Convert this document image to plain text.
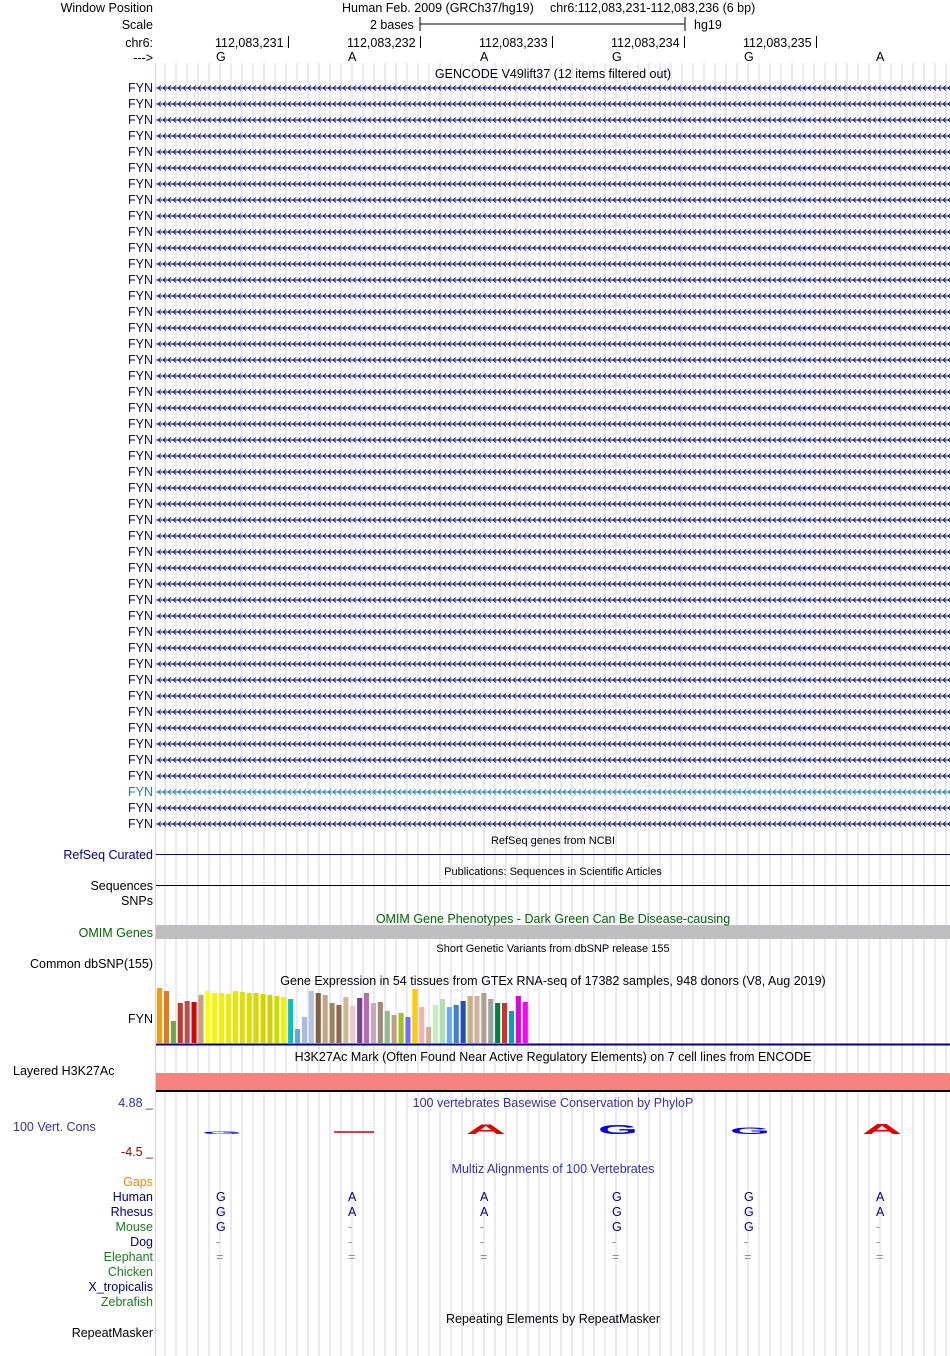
G	A	G	G	A
Window Position	Human Feb. 2009 (GRCh37/hg19) chr6:112,083,231-112,083,236 (6 bp)
Scale	2 bases	hg19
chr6:	112,083,231	112,083,232	112,083,233	112,083,234	112,083,235
--->	G	A	A	G	G	A
GENCODE V49lift37 (12 items filtered out)
FYN
FYN
FYN
FYN
FYN
FYN
FYN
FYN
FYN
FYN
FYN
FYN
FYN
FYN
FYN
FYN
FYN
FYN
FYN
FYN
FYN
FYN
FYN
FYN
FYN
FYN
FYN
FYN
FYN
FYN
FYN
FYN
FYN
FYN
FYN
FYN
FYN
FYN
FYN
FYN
FYN
FYN
FYN
FYN
FYN
FYN
FYN
RefSeq genes from NCBI
RefSeq Curated
Publications: Sequences in Scientific Articles
Sequences
SNPs
OMIM Gene Phenotypes - Dark Green Can Be Disease-causing
OMIM Genes
Short Genetic Variants from dbSNP release 155
Common dbSNP(155)
Gene Expression in 54 tissues from GTEx RNA-seq of 17382 samples, 948 donors (V8, Aug 2019)
FYN
H3K27Ac Mark (Often Found Near Active Regulatory Elements) on 7 cell lines from ENCODE
Layered H3K27Ac
4.88 _	100 vertebrates Basewise Conservation by PhyloP
100 Vert. Cons
-4.5 _
Multiz Alignments of 100 Vertebrates
Gaps
Human	G	A	A	G	G	A
Rhesus	G	A	A	G	G	A
Mouse	G	-	-	G	G	-
Dog	-	-	-	-	-	-
Elephant	=	=	=	=	=	=
Chicken
X_tropicalis
Zebrafish
Repeating Elements by RepeatMasker
RepeatMasker
